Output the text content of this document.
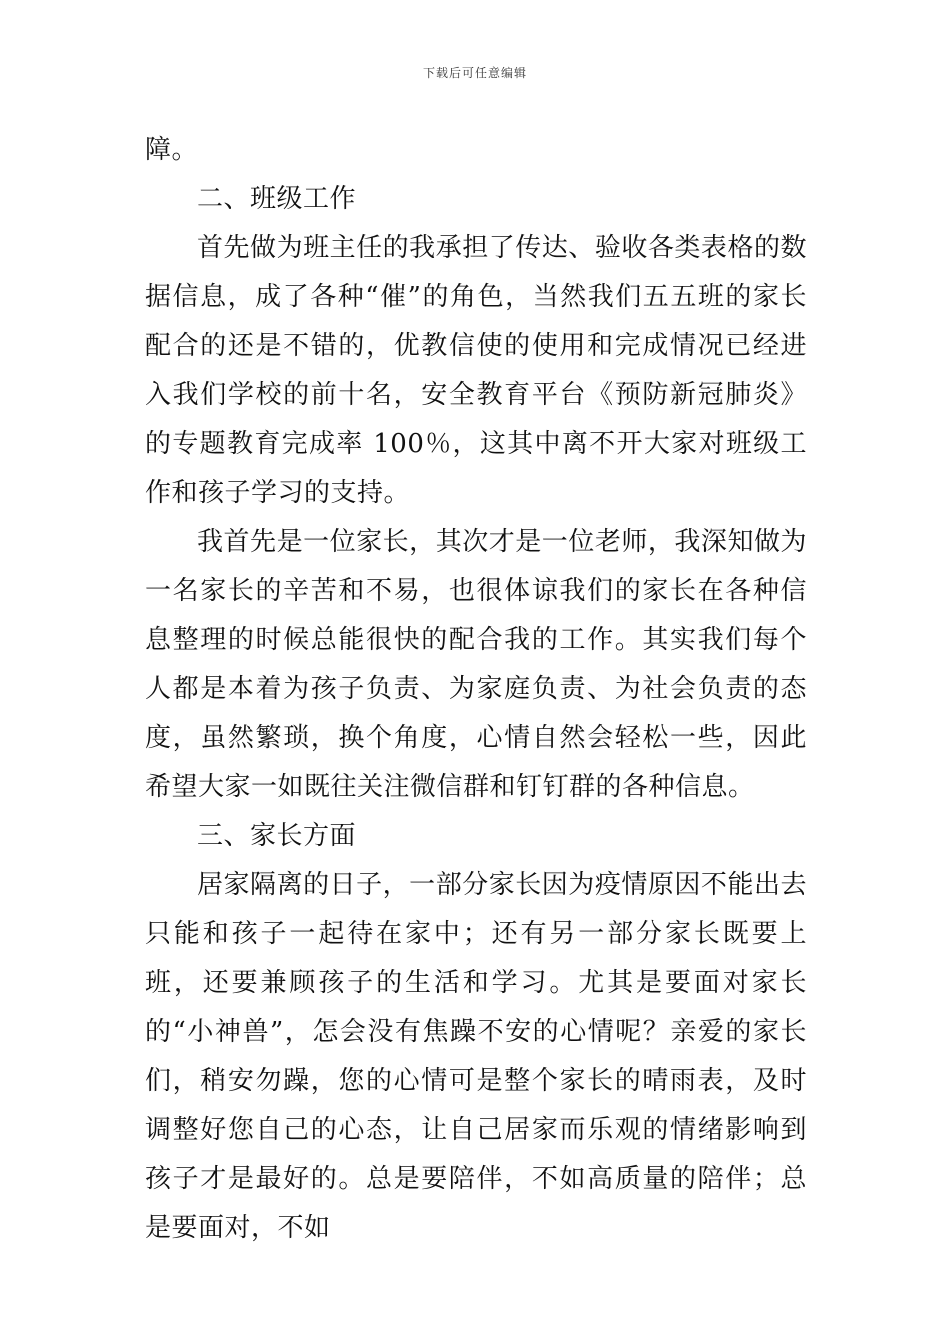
下载后可任意编辑

障。

二、班级工作

首先做为班主任的我承担了传达、验收各类表格的数据信息，成了各种“催”的角色，当然我们五五班的家长配合的还是不错的，优教信使的使用和完成情况已经进入我们学校的前十名，安全教育平台《预防新冠肺炎》的专题教育完成率 100％，这其中离不开大家对班级工作和孩子学习的支持。

我首先是一位家长，其次才是一位老师，我深知做为一名家长的辛苦和不易，也很体谅我们的家长在各种信息整理的时候总能很快的配合我的工作。其实我们每个人都是本着为孩子负责、为家庭负责、为社会负责的态度，虽然繁琐，换个角度，心情自然会轻松一些，因此希望大家一如既往关注微信群和钉钉群的各种信息。

三、家长方面

居家隔离的日子，一部分家长因为疫情原因不能出去只能和孩子一起待在家中；还有另一部分家长既要上班，还要兼顾孩子的生活和学习。尤其是要面对家长的“小神兽”，怎会没有焦躁不安的心情呢？亲爱的家长们，稍安勿躁，您的心情可是整个家长的晴雨表，及时调整好您自己的心态，让自己居家而乐观的情绪影响到孩子才是最好的。总是要陪伴，不如高质量的陪伴；总是要面对，不如
